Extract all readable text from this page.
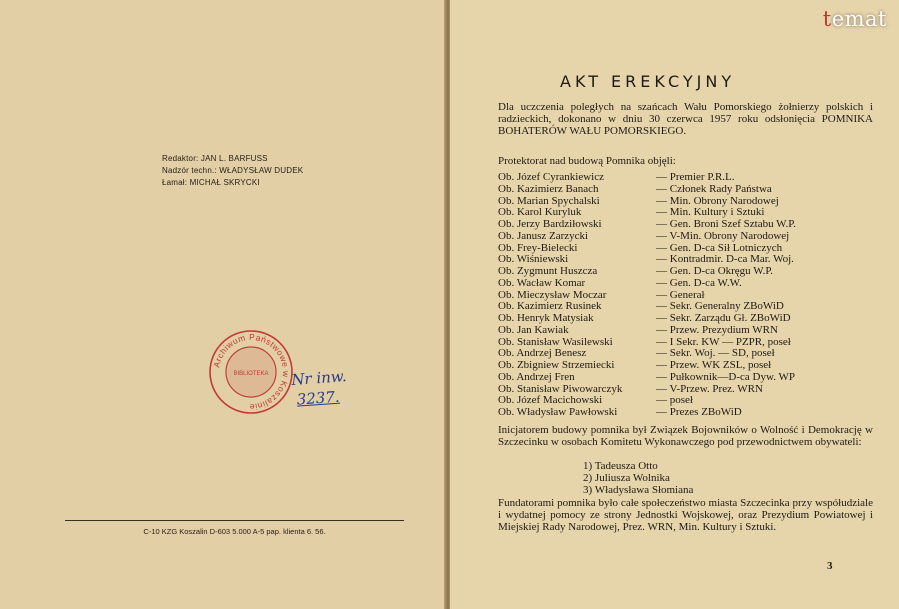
Redaktor: JAN L. BARFUSS
Nadzór techn.: WŁADYSŁAW DUDEK
Łamał: MICHAŁ SKRYCKI
Archiwum Państwowe w Koszalinie
BIBLIOTEKA Nr inw.
3237.
C-10 KZG Koszalin D-603 5.000 A-5 pap. klienta 6. 56.
AKT EREKCYJNY
Dla uczczenia poległych na szańcach Wału Pomorskiego żołnierzy polskich i radzieckich, dokonano w dniu 30 czerwca 1957 roku odsłonięcia POMNIKA BOHATERÓW WAŁU POMORSKIEGO.
Protektorat nad budową Pomnika objęli:
Ob. Józef Cyrankiewicz	— Premier P.R.L.
Ob. Kazimierz Banach	— Członek Rady Państwa
Ob. Marian Spychalski	— Min. Obrony Narodowej
Ob. Karol Kuryluk	— Min. Kultury i Sztuki
Ob. Jerzy Bardziłowski	— Gen. Broni Szef Sztabu W.P.
Ob. Janusz Zarzycki	— V-Min. Obrony Narodowej
Ob. Frey-Bielecki	— Gen. D-ca Sił Lotniczych
Ob. Wiśniewski	— Kontradmir. D-ca Mar. Woj.
Ob. Zygmunt Huszcza	— Gen. D-ca Okręgu W.P.
Ob. Wacław Komar	— Gen. D-ca W.W.
Ob. Mieczysław Moczar	— Generał
Ob. Kazimierz Rusinek	— Sekr. Generalny ZBoWiD
Ob. Henryk Matysiak	— Sekr. Zarządu Gł. ZBoWiD
Ob. Jan Kawiak	— Przew. Prezydium WRN
Ob. Stanisław Wasilewski	— I Sekr. KW — PZPR, poseł
Ob. Andrzej Benesz	— Sekr. Woj. — SD, poseł
Ob. Zbigniew Strzemiecki	— Przew. WK ZSL, poseł
Ob. Andrzej Fren	— Pułkownik—D-ca Dyw. WP
Ob. Stanisław Piwowarczyk	— V-Przew. Prez. WRN
Ob. Józef Macichowski	— poseł
Ob. Władysław Pawłowski	— Prezes ZBoWiD
Inicjatorem budowy pomnika był Związek Bojowników o Wolność i Demokrację w Szczecinku w osobach Komitetu Wykonawczego pod przewodnictwem obywateli:
1) Tadeusza Otto
2) Juliusza Wolnika
3) Władysława Słomiana
Fundatorami pomnika było całe społeczeństwo miasta Szczecinka przy współudziale i wydatnej pomocy ze strony Jednostki Wojskowej, oraz Prezydium Powiatowej i Miejskiej Rady Narodowej, Prez. WRN, Min. Kultury i Sztuki.
3
temat
